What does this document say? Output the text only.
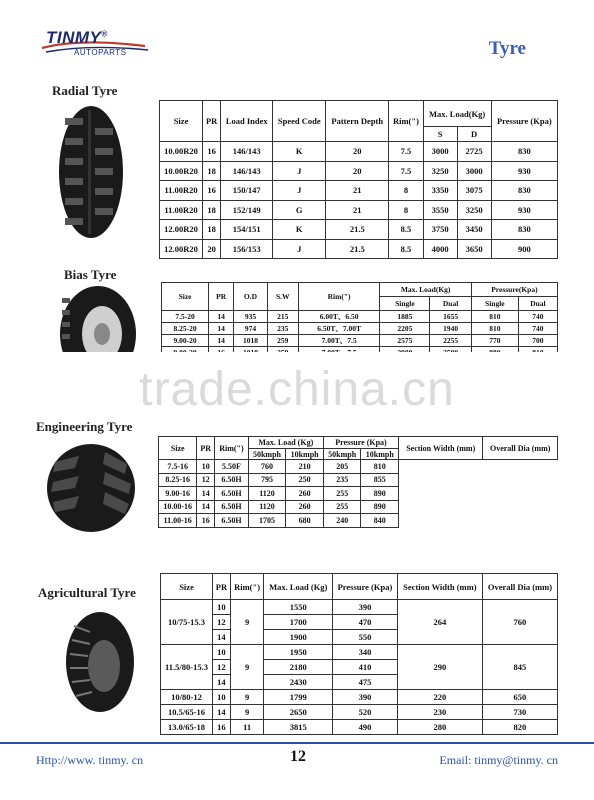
TINMY®
AUTOPARTS	Tyre
Radial Tyre
Size	PR	Load Index	Speed Code	Pattern Depth	Rim(")	Max. Load(Kg)		Pressure (Kpa)
						S	D	
10.00R20	16	146/143	K	20	7.5	3000	2725	830
10.00R20	18	146/143	J	20	7.5	3250	3000	930
11.00R20	16	150/147	J	21	8	3350	3075	830
11.00R20	18	152/149	G	21	8	3550	3250	930
12.00R20	18	154/151	K	21.5	8.5	3750	3450	830
12.00R20	20	156/153	J	21.5	8.5	4000	3650	900
Bias Tyre
Size	PR	O.D	S.W	Rim(")	Max. Load(Kg)		Pressure(Kpa)	
					Single	Dual	Single	Dual
7.5-20	14	935	215	6.00T、6.50	1885	1655	810	740
8.25-20	14	974	235	6.50T、7.00T	2205	1940	810	740
9.00-20	14	1018	259	7.00T、7.5	2575	2255	770	700

trade.china.cn
Engineering Tyre
Size	PR	Rim(")	Max. Load (Kg)		Pressure (Kpa)		Section Width (mm)	Overall Dia (mm)
			50kmph	10kmph	50kmph	10kmph		
7.5-16	10	5.50F	760	210	205	810		
8.25-16	12	6.50H	795	250	235	855		
9.00-16	14	6.50H	1120	260	255	890		
10.00-16	14	6.50H	1120	260	255	890		
11.00-16	16	6.50H	1705	680	240	840		
Agricultural Tyre	Size	PR	Rim(")	Max. Load (Kg)	Pressure (Kpa)	Section Width (mm)	Overall Dia (mm)
10/75-15.3	10	9	1550	390	264	760
	12		1700	470		
	14		1900	550		
11.5/80-15.3	10	9	1950	340	290	845
	12		2180	410		
	14		2430	475		
10/80-12	10	9	1799	390	220	650
10.5/65-16	14	9	2650	520	230	730
13.0/65-18	16	11	3815	490	280	820
Http://www. tinmy. cn	12	Email: tinmy@tinmy. cn
